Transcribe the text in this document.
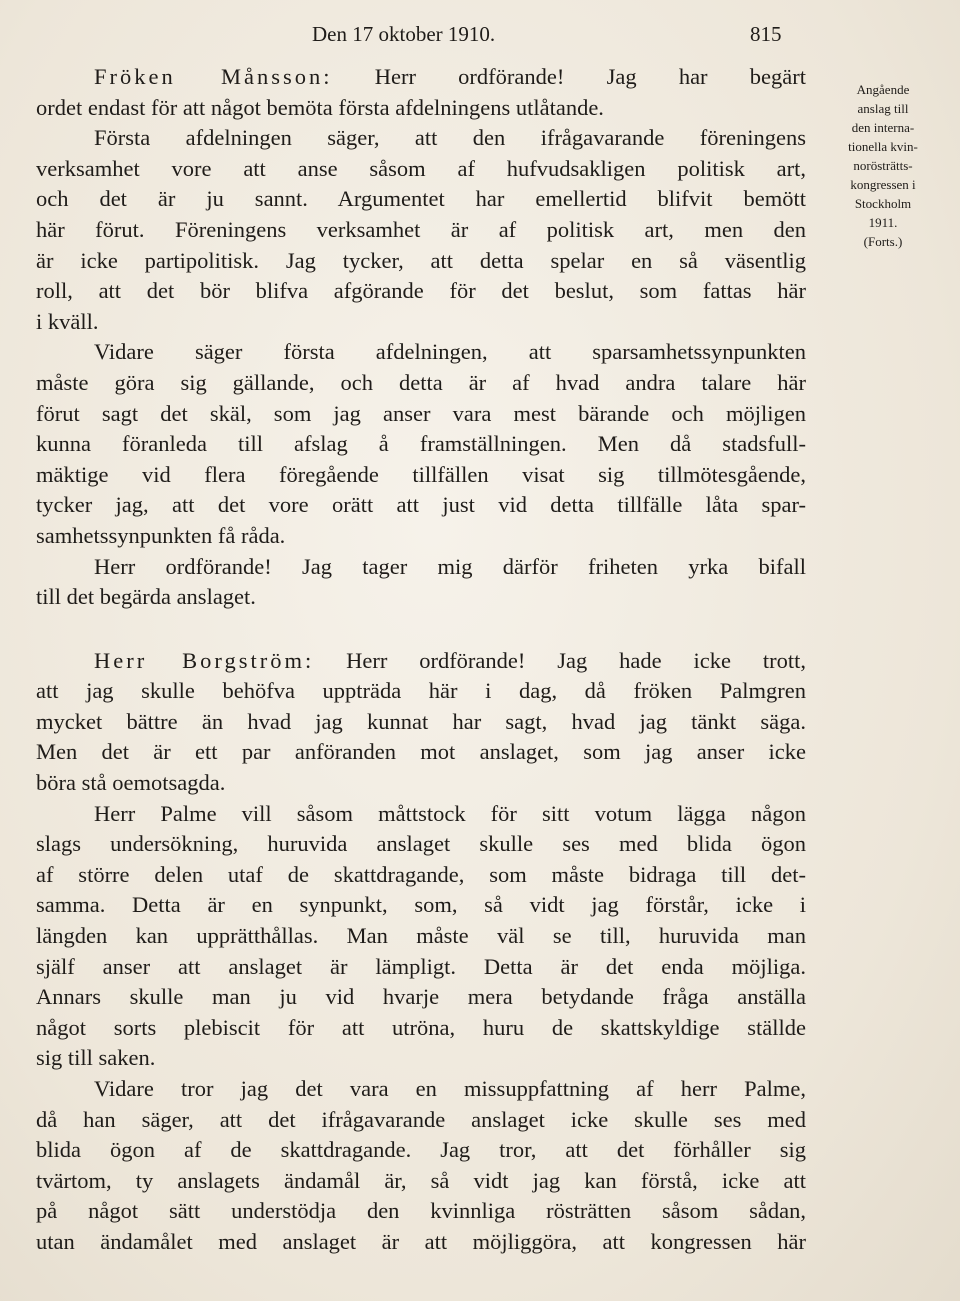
Den 17 oktober 1910.	815
Angående
anslag till
den interna-
tionella kvin-
norösträtts-
kongressen i
Stockholm
1911.
(Forts.)
Fröken Månsson: Herr ordförande! Jag har begärt
ordet endast för att något bemöta första afdelningens utlåtande.
Första afdelningen säger, att den ifrågavarande föreningens
verksamhet vore att anse såsom af hufvudsakligen politisk art,
och det är ju sannt. Argumentet har emellertid blifvit bemött
här förut. Föreningens verksamhet är af politisk art, men den
är icke partipolitisk. Jag tycker, att detta spelar en så väsentlig
roll, att det bör blifva afgörande för det beslut, som fattas här
i kväll.
Vidare säger första afdelningen, att sparsamhetssynpunkten
måste göra sig gällande, och detta är af hvad andra talare här
förut sagt det skäl, som jag anser vara mest bärande och möjligen
kunna föranleda till afslag å framställningen. Men då stadsfull-
mäktige vid flera föregående tillfällen visat sig tillmötesgående,
tycker jag, att det vore orätt att just vid detta tillfälle låta spar-
samhetssynpunkten få råda.
Herr ordförande! Jag tager mig därför friheten yrka bifall
till det begärda anslaget.
Herr Borgström: Herr ordförande! Jag hade icke trott,
att jag skulle behöfva uppträda här i dag, då fröken Palmgren
mycket bättre än hvad jag kunnat har sagt, hvad jag tänkt säga.
Men det är ett par anföranden mot anslaget, som jag anser icke
böra stå oemotsagda.
Herr Palme vill såsom måttstock för sitt votum lägga någon
slags undersökning, huruvida anslaget skulle ses med blida ögon
af större delen utaf de skattdragande, som måste bidraga till det-
samma. Detta är en synpunkt, som, så vidt jag förstår, icke i
längden kan upprätthållas. Man måste väl se till, huruvida man
själf anser att anslaget är lämpligt. Detta är det enda möjliga.
Annars skulle man ju vid hvarje mera betydande fråga anställa
något sorts plebiscit för att utröna, huru de skattskyldige ställde
sig till saken.
Vidare tror jag det vara en missuppfattning af herr Palme,
då han säger, att det ifrågavarande anslaget icke skulle ses med
blida ögon af de skattdragande. Jag tror, att det förhåller sig
tvärtom, ty anslagets ändamål är, så vidt jag kan förstå, icke att
på något sätt understödja den kvinnliga rösträtten såsom sådan,
utan ändamålet med anslaget är att möjliggöra, att kongressen här
